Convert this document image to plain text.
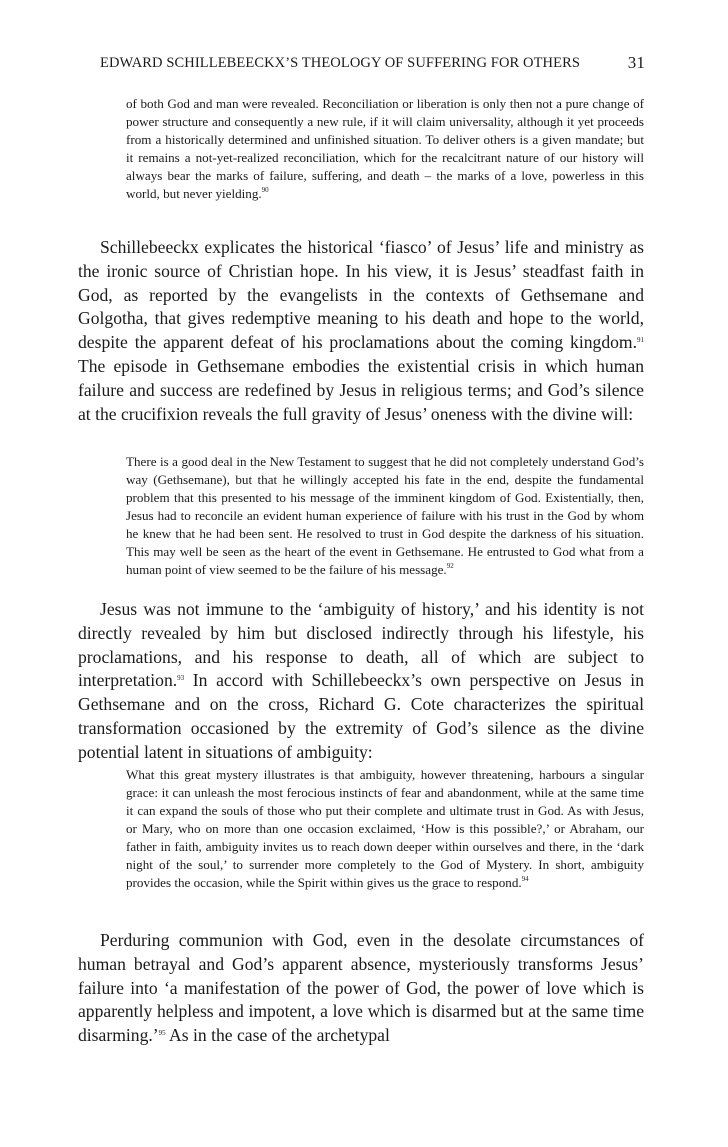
EDWARD SCHILLEBEECKX’S THEOLOGY OF SUFFERING FOR OTHERS	31

of both God and man were revealed. Reconciliation or liberation is only then not a pure change of power structure and consequently a new rule, if it will claim universality, although it yet proceeds from a historically determined and unfinished situation. To deliver others is a given mandate; but it remains a not-yet-realized reconciliation, which for the recalcitrant nature of our history will always bear the marks of failure, suffering, and death – the marks of a love, powerless in this world, but never yielding.$^{90}$

Schillebeeckx explicates the historical ‘fiasco’ of Jesus’ life and ministry as the ironic source of Christian hope. In his view, it is Jesus’ steadfast faith in God, as reported by the evangelists in the contexts of Gethsemane and Golgotha, that gives redemptive meaning to his death and hope to the world, despite the apparent defeat of his proclamations about the coming kingdom.$^{91}$ The episode in Gethsemane embodies the existential crisis in which human failure and success are redefined by Jesus in religious terms; and God’s silence at the crucifixion reveals the full gravity of Jesus’ oneness with the divine will:

There is a good deal in the New Testament to suggest that he did not completely understand God’s way (Gethsemane), but that he willingly accepted his fate in the end, despite the fundamental problem that this presented to his message of the imminent kingdom of God. Existentially, then, Jesus had to reconcile an evident human experience of failure with his trust in the God by whom he knew that he had been sent. He resolved to trust in God despite the darkness of his situation. This may well be seen as the heart of the event in Gethsemane. He entrusted to God what from a human point of view seemed to be the failure of his message.$^{92}$

Jesus was not immune to the ‘ambiguity of history,’ and his identity is not directly revealed by him but disclosed indirectly through his lifestyle, his proclamations, and his response to death, all of which are subject to interpretation.$^{93}$ In accord with Schillebeeckx’s own perspective on Jesus in Gethsemane and on the cross, Richard G. Cote characterizes the spiritual transformation occasioned by the extremity of God’s silence as the divine potential latent in situations of ambiguity:

What this great mystery illustrates is that ambiguity, however threatening, harbours a singular grace: it can unleash the most ferocious instincts of fear and abandonment, while at the same time it can expand the souls of those who put their complete and ultimate trust in God. As with Jesus, or Mary, who on more than one occasion exclaimed, ‘How is this possible?,’ or Abraham, our father in faith, ambiguity invites us to reach down deeper within ourselves and there, in the ‘dark night of the soul,’ to surrender more completely to the God of Mystery. In short, ambiguity provides the occasion, while the Spirit within gives us the grace to respond.$^{94}$

Perduring communion with God, even in the desolate circumstances of human betrayal and God’s apparent absence, mysteriously transforms Jesus’ failure into ‘a manifestation of the power of God, the power of love which is apparently helpless and impotent, a love which is disarmed but at the same time disarming.’$^{95}$ As in the case of the archetypal
